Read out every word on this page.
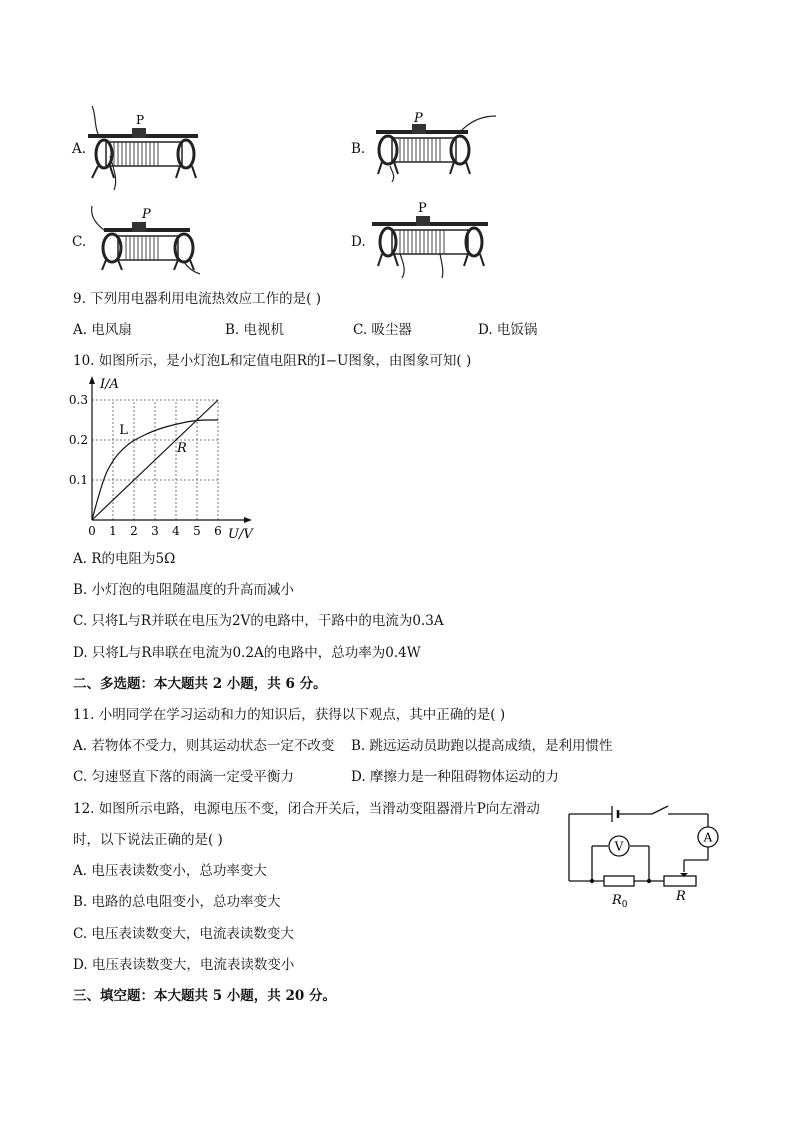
A.
P
B.
P
C.
P
D.
P
9. 下列用电器利用电流热效应工作的是( )
A. 电风扇	B. 电视机	C. 吸尘器	D. 电饭锅
10. 如图所示，是小灯泡L和定值电阻R的I−U图象，由图象可知( )
I/A
U/V
0 1 2 3 4 5 6
0.1
0.2
0.3
L
R
A. R的电阻为5Ω
B. 小灯泡的电阻随温度的升高而减小
C. 只将L与R并联在电压为2V的电路中，干路中的电流为0.3A
D. 只将L与R串联在电流为0.2A的电路中，总功率为0.4W
二、多选题：本大题共 2 小题，共 6 分。
11. 小明同学在学习运动和力的知识后，获得以下观点，其中正确的是( )
A. 若物体不受力，则其运动状态一定不改变 B. 跳远运动员助跑以提高成绩，是利用惯性
C. 匀速竖直下落的雨滴一定受平衡力	D. 摩擦力是一种阻碍物体运动的力
12. 如图所示电路，电源电压不变，闭合开关后，当滑动变阻器滑片P向左滑动
时，以下说法正确的是( )
A. 电压表读数变小，总功率变大
B. 电路的总电阻变小，总功率变大
C. 电压表读数变大，电流表读数变大
D. 电压表读数变大，电流表读数变小
V
A
$R_0$
R
三、填空题：本大题共 5 小题，共 20 分。
